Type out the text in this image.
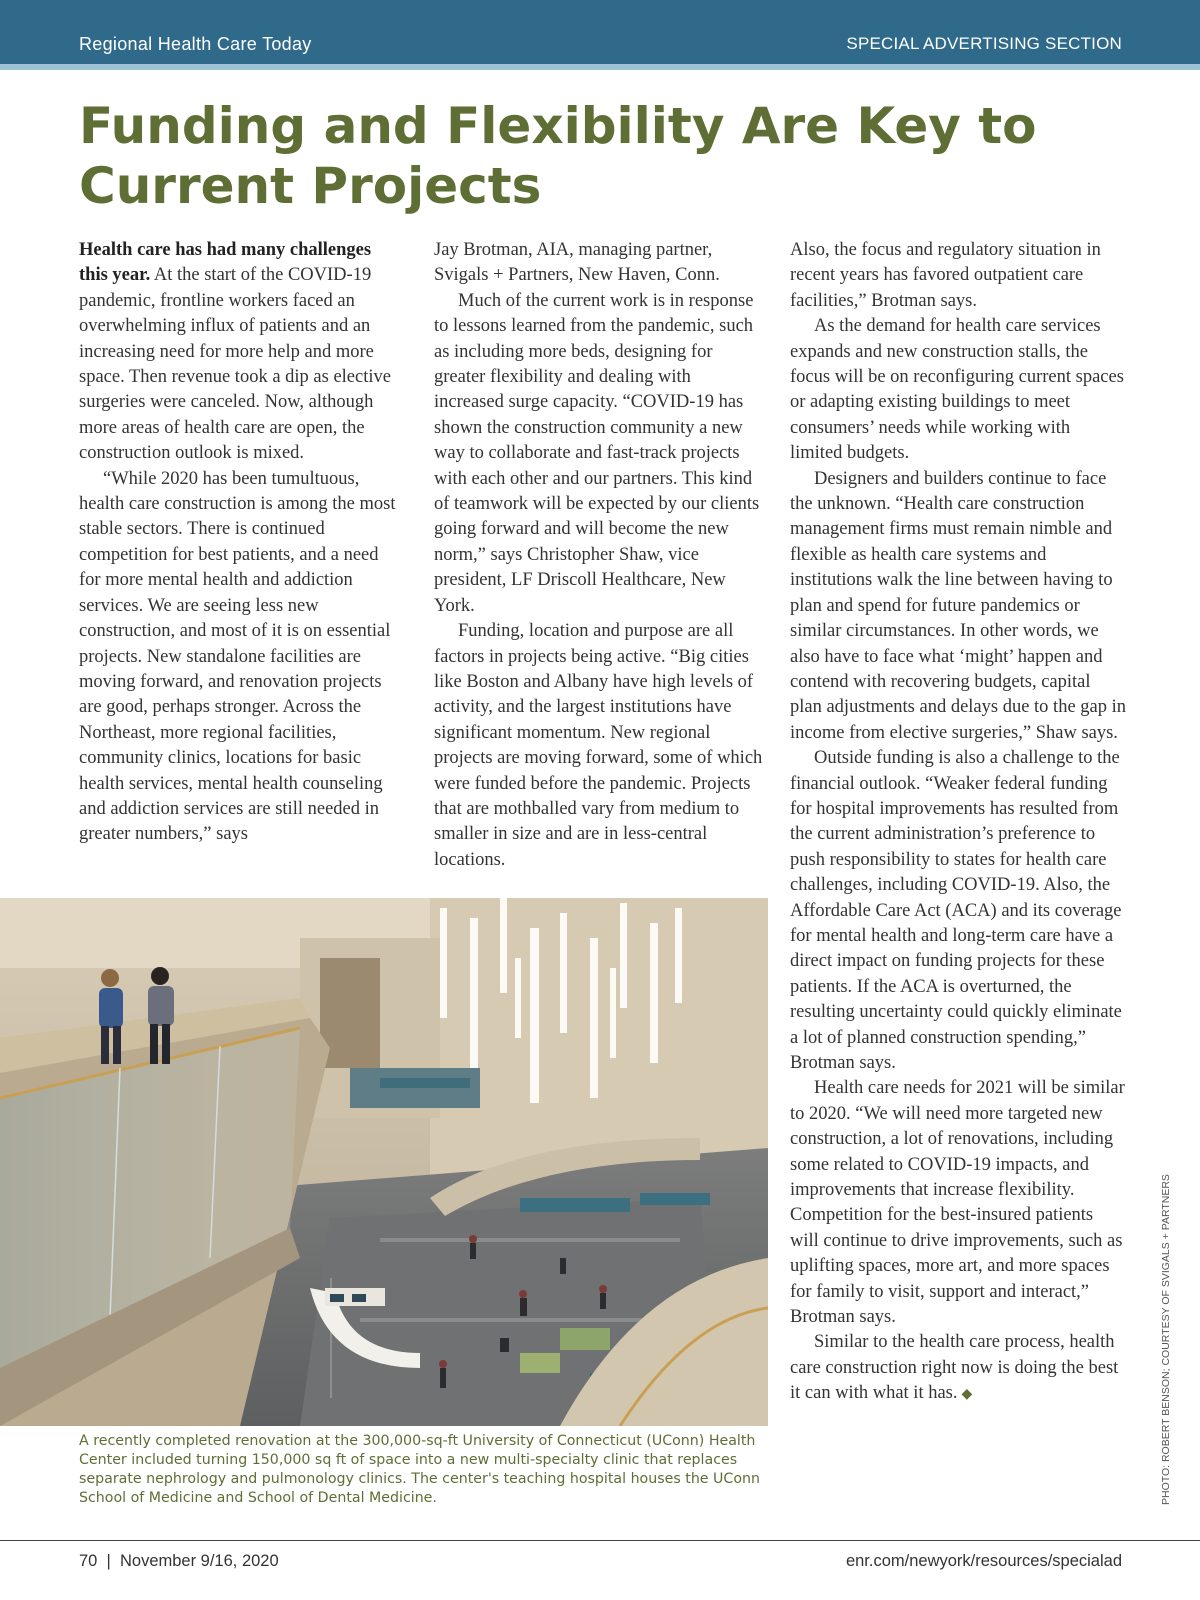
Regional Health Care Today	SPECIAL ADVERTISING SECTION
Funding and Flexibility Are Key to Current Projects

Health care has had many challenges this year. At the start of the COVID-19 pandemic, frontline workers faced an overwhelming influx of patients and an increasing need for more help and more space. Then revenue took a dip as elective surgeries were canceled. Now, although more areas of health care are open, the construction outlook is mixed.

“While 2020 has been tumultuous, health care construction is among the most stable sectors. There is continued competition for best patients, and a need for more mental health and addiction services. We are seeing less new construction, and most of it is on essential projects. New standalone facilities are moving forward, and renovation projects are good, perhaps stronger. Across the Northeast, more regional facilities, community clinics, locations for basic health services, mental health counseling and addiction services are still needed in greater numbers,” says

Jay Brotman, AIA, managing partner, Svigals + Partners, New Haven, Conn.

Much of the current work is in response to lessons learned from the pandemic, such as including more beds, designing for greater flexibility and dealing with increased surge capacity. “COVID-19 has shown the construction community a new way to collaborate and fast-track projects with each other and our partners. This kind of teamwork will be expected by our clients going forward and will become the new norm,” says Christopher Shaw, vice president, LF Driscoll Healthcare, New York.

Funding, location and purpose are all factors in projects being active. “Big cities like Boston and Albany have high levels of activity, and the largest institutions have significant momentum. New regional projects are moving forward, some of which were funded before the pandemic. Projects that are mothballed vary from medium to smaller in size and are in less-central locations.

Also, the focus and regulatory situation in recent years has favored outpatient care facilities,” Brotman says.

As the demand for health care services expands and new construction stalls, the focus will be on reconfiguring current spaces or adapting existing buildings to meet consumers’ needs while working with limited budgets.

Designers and builders continue to face the unknown. “Health care construction management firms must remain nimble and flexible as health care systems and institutions walk the line between having to plan and spend for future pandemics or similar circumstances. In other words, we also have to face what ‘might’ happen and contend with recovering budgets, capital plan adjustments and delays due to the gap in income from elective surgeries,” Shaw says.

Outside funding is also a challenge to the financial outlook. “Weaker federal funding for hospital improvements has resulted from the current administration’s preference to push responsibility to states for health care challenges, including COVID-19. Also, the Affordable Care Act (ACA) and its coverage for mental health and long-term care have a direct impact on funding projects for these patients. If the ACA is overturned, the resulting uncertainty could quickly eliminate a lot of planned construction spending,” Brotman says.

Health care needs for 2021 will be similar to 2020. “We will need more targeted new construction, a lot of renovations, including some related to COVID-19 impacts, and improvements that increase flexibility. Competition for the best-insured patients will continue to drive improvements, such as uplifting spaces, more art, and more spaces for family to visit, support and interact,” Brotman says.

Similar to the health care process, health care construction right now is doing the best it can with what it has. ◆

A recently completed renovation at the 300,000-sq-ft University of Connecticut (UConn) Health Center included turning 150,000 sq ft of space into a new multi-specialty clinic that replaces separate nephrology and pulmonology clinics. The center's teaching hospital houses the UConn School of Medicine and School of Dental Medicine.	PHOTO: ROBERT BENSON; COURTESY OF SVIGALS + PARTNERS
70  |  November 9/16, 2020	enr.com/newyork/resources/specialad
